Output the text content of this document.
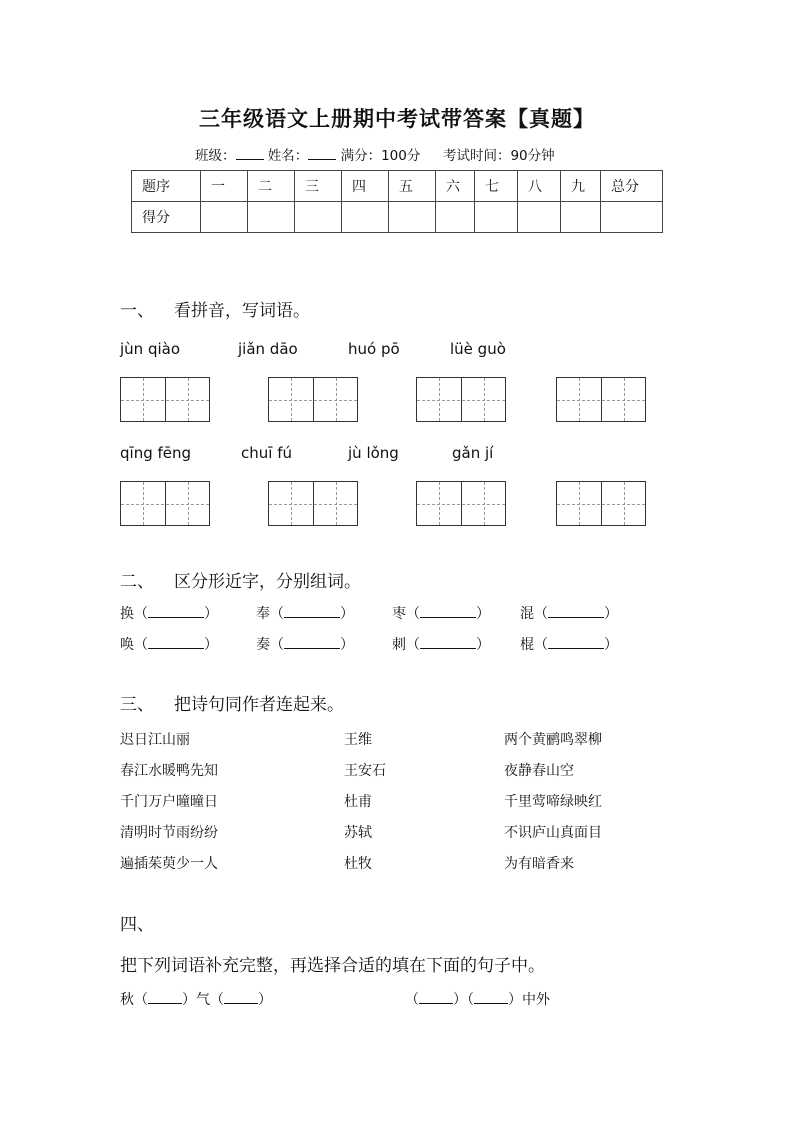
三年级语文上册期中考试带答案【真题】
班级： 姓名： 满分：100分 考试时间：90分钟
题序	一	二	三	四	五	六	七	八	九	总分
得分										
一、 看拼音，写词语。
jùn qiào	jiǎn dāo	huó pō	lüè guò
qīng fēng	chuī fú	jù lǒng	gǎn jí
二、 区分形近字，分别组词。
换（	）	奉（	）	枣（	） 混（	）
唤（	）	奏（	）	刺（	） 棍（	）
三、 把诗句同作者连起来。
迟日江山丽	王维	两个黄鹂鸣翠柳
春江水暖鸭先知	王安石	夜静春山空
千门万户曈曈日	杜甫	千里莺啼绿映红
清明时节雨纷纷	苏轼	不识庐山真面目
遍插茱萸少一人	杜牧	为有暗香来
四、
把下列词语补充完整，再选择合适的填在下面的句子中。
秋（ ）气（ ）	（ ）（ ）中外
